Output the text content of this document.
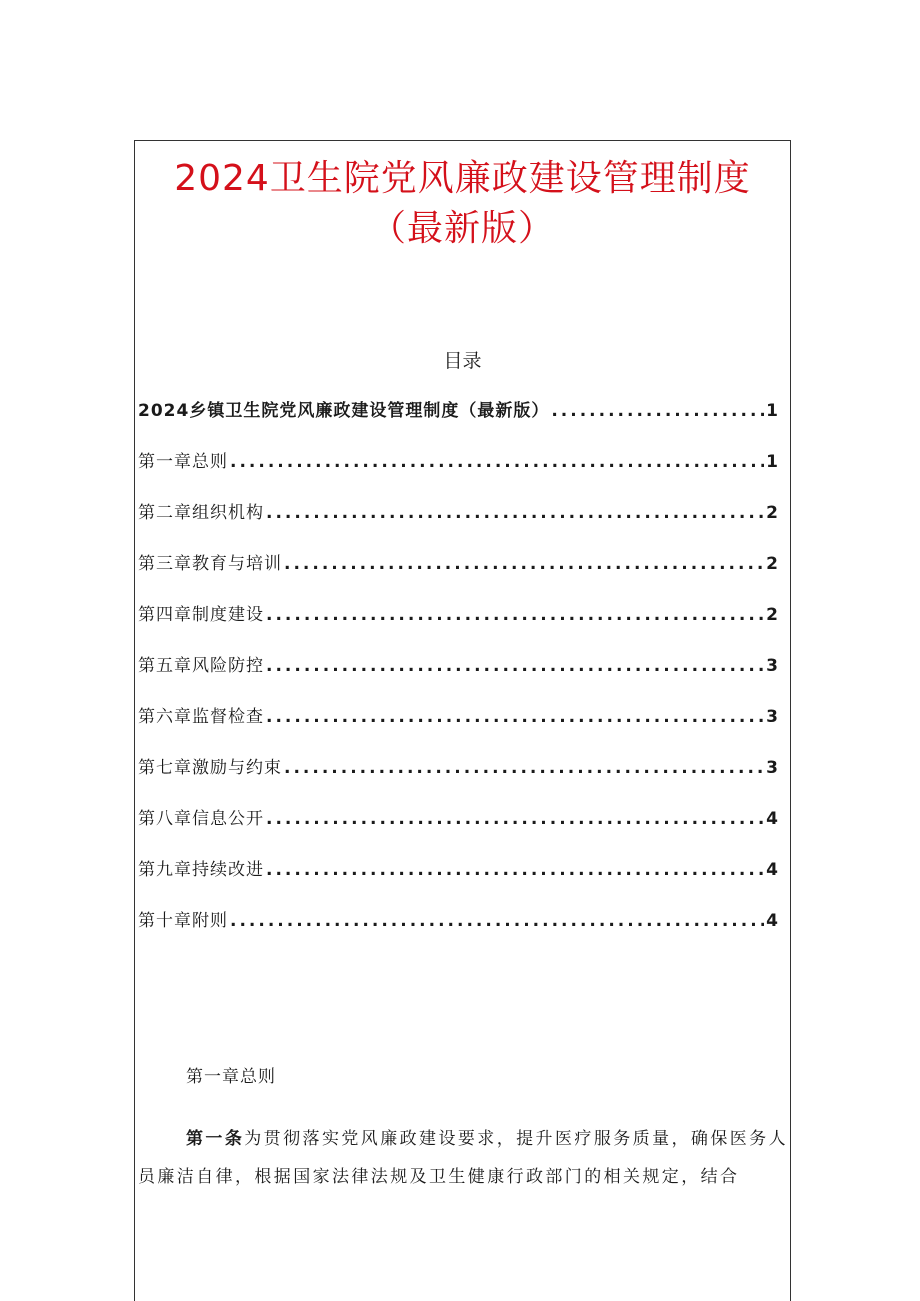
2024卫生院党风廉政建设管理制度
（最新版）
目录
2024乡镇卫生院党风廉政建设管理制度（最新版） .....	1
第一章总则 .....	1
第二章组织机构 .....	2
第三章教育与培训 .....	2
第四章制度建设 .....	2
第五章风险防控 .....	3
第六章监督检查 .....	3
第七章激励与约束 .....	3
第八章信息公开 .....	4
第九章持续改进 .....	4
第十章附则 .....	4
第一章总则

第一条为贯彻落实党风廉政建设要求，提升医疗服务质量，确保医务人员廉洁自律，根据国家法律法规及卫生健康行政部门的相关规定，结合
